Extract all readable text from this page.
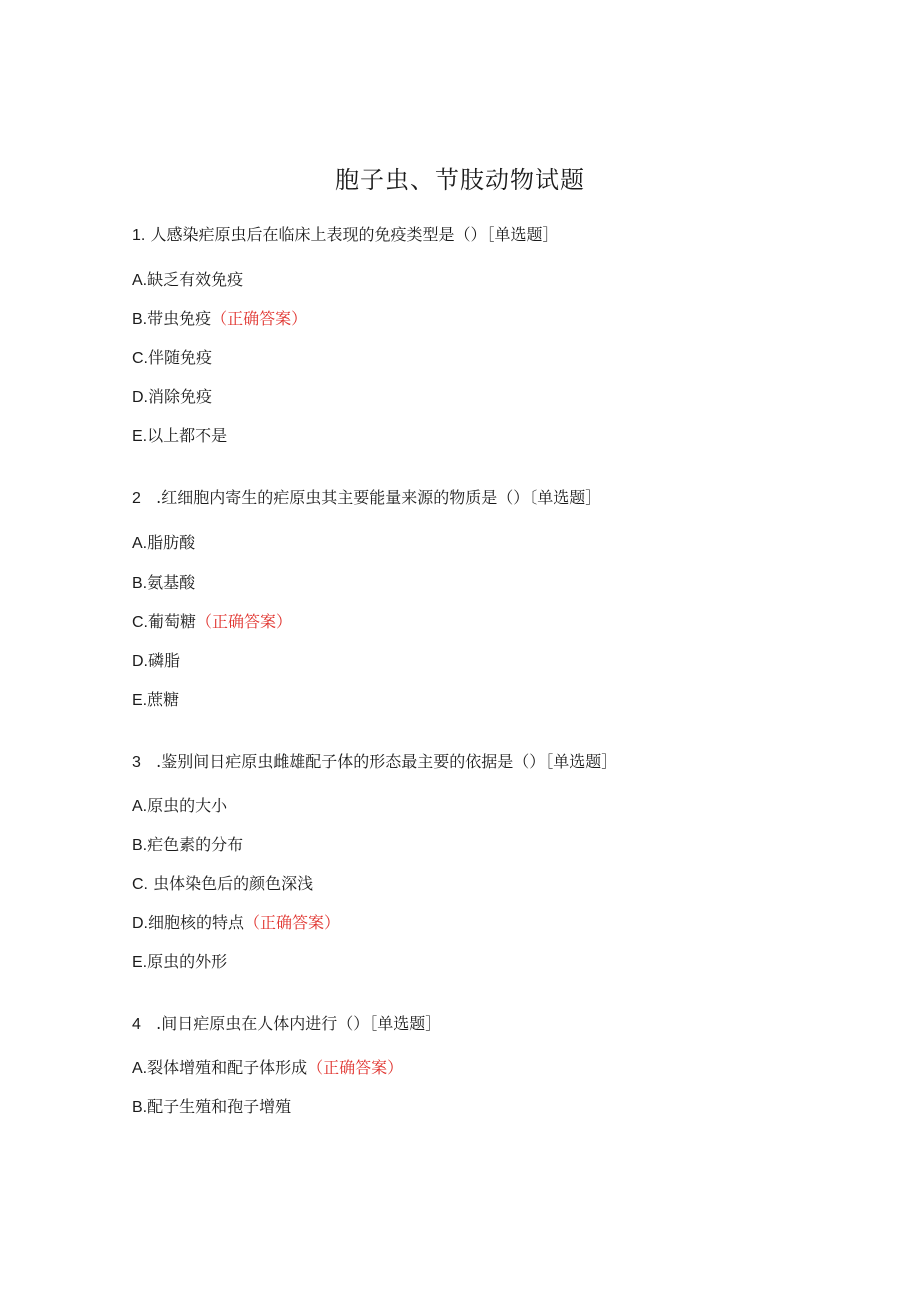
胞子虫、节肢动物试题
1. 人感染疟原虫后在临床上表现的免疫类型是（）［单选题］
A.缺乏有效免疫
B.带虫免疫（正确答案）
C.伴随免疫
D.消除免疫
E.以上都不是
2 .红细胞内寄生的疟原虫其主要能量来源的物质是（）〔单选题］
A.脂肪酸
B.氨基酸
C.葡萄糖（正确答案）
D.磷脂
E.蔗糖
3 .鉴别间日疟原虫雌雄配子体的形态最主要的依据是（）［单选题］
A.原虫的大小
B.疟色素的分布
C. 虫体染色后的颜色深浅
D.细胞核的特点（正确答案）
E.原虫的外形
4 .间日疟原虫在人体内进行（）［单选题］
A.裂体增殖和配子体形成（正确答案）
B.配子生殖和孢子增殖
